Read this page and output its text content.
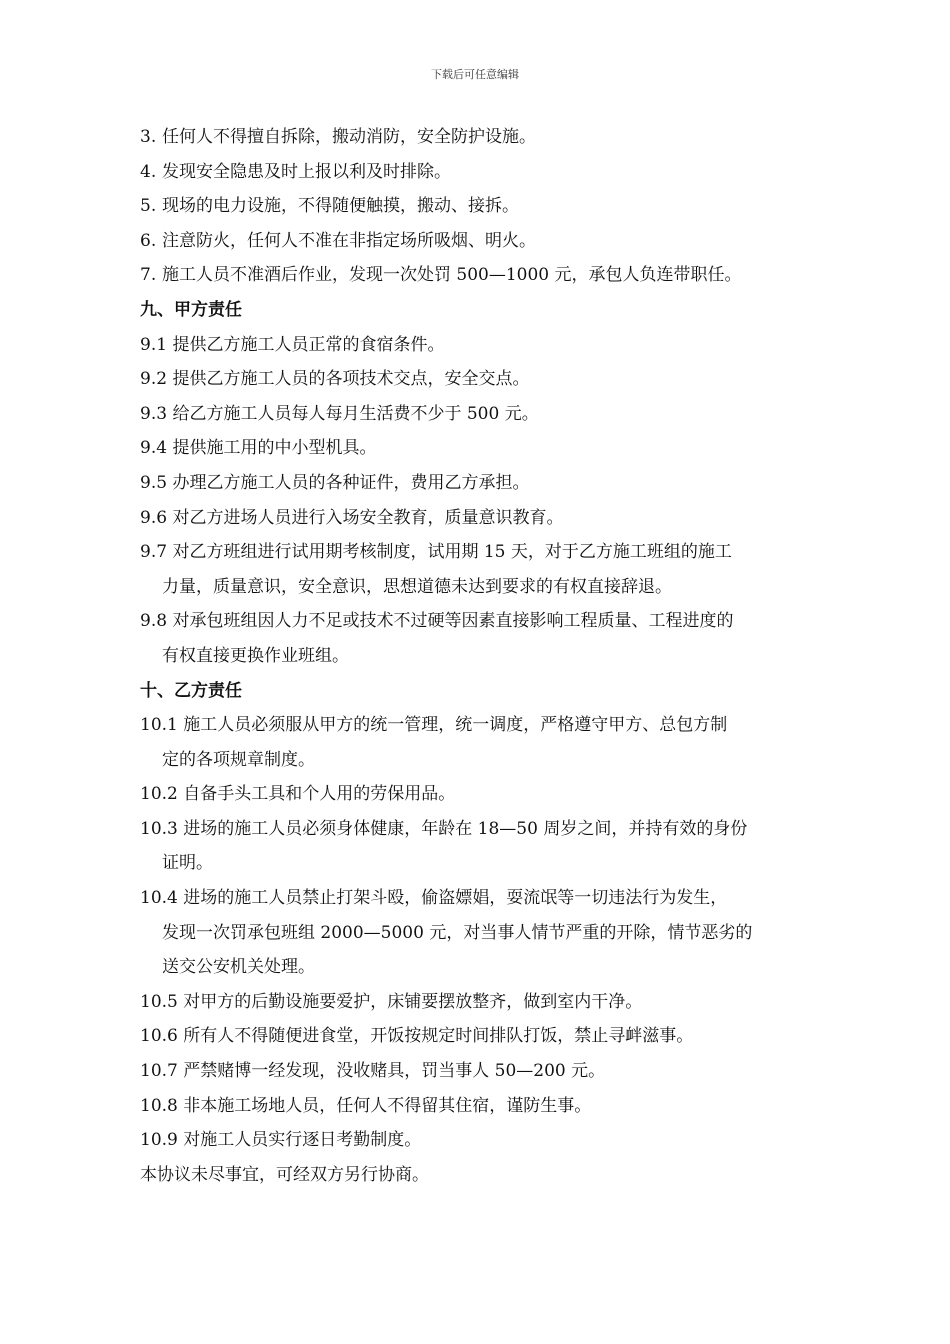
下载后可任意编辑
3. 任何人不得擅自拆除，搬动消防，安全防护设施。
4. 发现安全隐患及时上报以利及时排除。
5. 现场的电力设施，不得随便触摸，搬动、接拆。
6. 注意防火，任何人不准在非指定场所吸烟、明火。
7. 施工人员不准酒后作业，发现一次处罚 500—1000 元，承包人负连带职任。
九、甲方责任
9.1 提供乙方施工人员正常的食宿条件。
9.2 提供乙方施工人员的各项技术交点，安全交点。
9.3 给乙方施工人员每人每月生活费不少于 500 元。
9.4 提供施工用的中小型机具。
9.5 办理乙方施工人员的各种证件，费用乙方承担。
9.6 对乙方进场人员进行入场安全教育，质量意识教育。
9.7 对乙方班组进行试用期考核制度，试用期 15 天，对于乙方施工班组的施工
力量，质量意识，安全意识，思想道德未达到要求的有权直接辞退。
9.8 对承包班组因人力不足或技术不过硬等因素直接影响工程质量、工程进度的
有权直接更换作业班组。
十、乙方责任
10.1 施工人员必须服从甲方的统一管理，统一调度，严格遵守甲方、总包方制
定的各项规章制度。
10.2 自备手头工具和个人用的劳保用品。
10.3 进场的施工人员必须身体健康，年龄在 18—50 周岁之间，并持有效的身份
证明。
10.4 进场的施工人员禁止打架斗殴，偷盗嫖娼，耍流氓等一切违法行为发生，
发现一次罚承包班组 2000—5000 元，对当事人情节严重的开除，情节恶劣的
送交公安机关处理。
10.5 对甲方的后勤设施要爱护，床铺要摆放整齐，做到室内干净。
10.6 所有人不得随便进食堂，开饭按规定时间排队打饭，禁止寻衅滋事。
10.7 严禁赌博一经发现，没收赌具，罚当事人 50—200 元。
10.8 非本施工场地人员，任何人不得留其住宿，谨防生事。
10.9 对施工人员实行逐日考勤制度。
本协议未尽事宜，可经双方另行协商。
